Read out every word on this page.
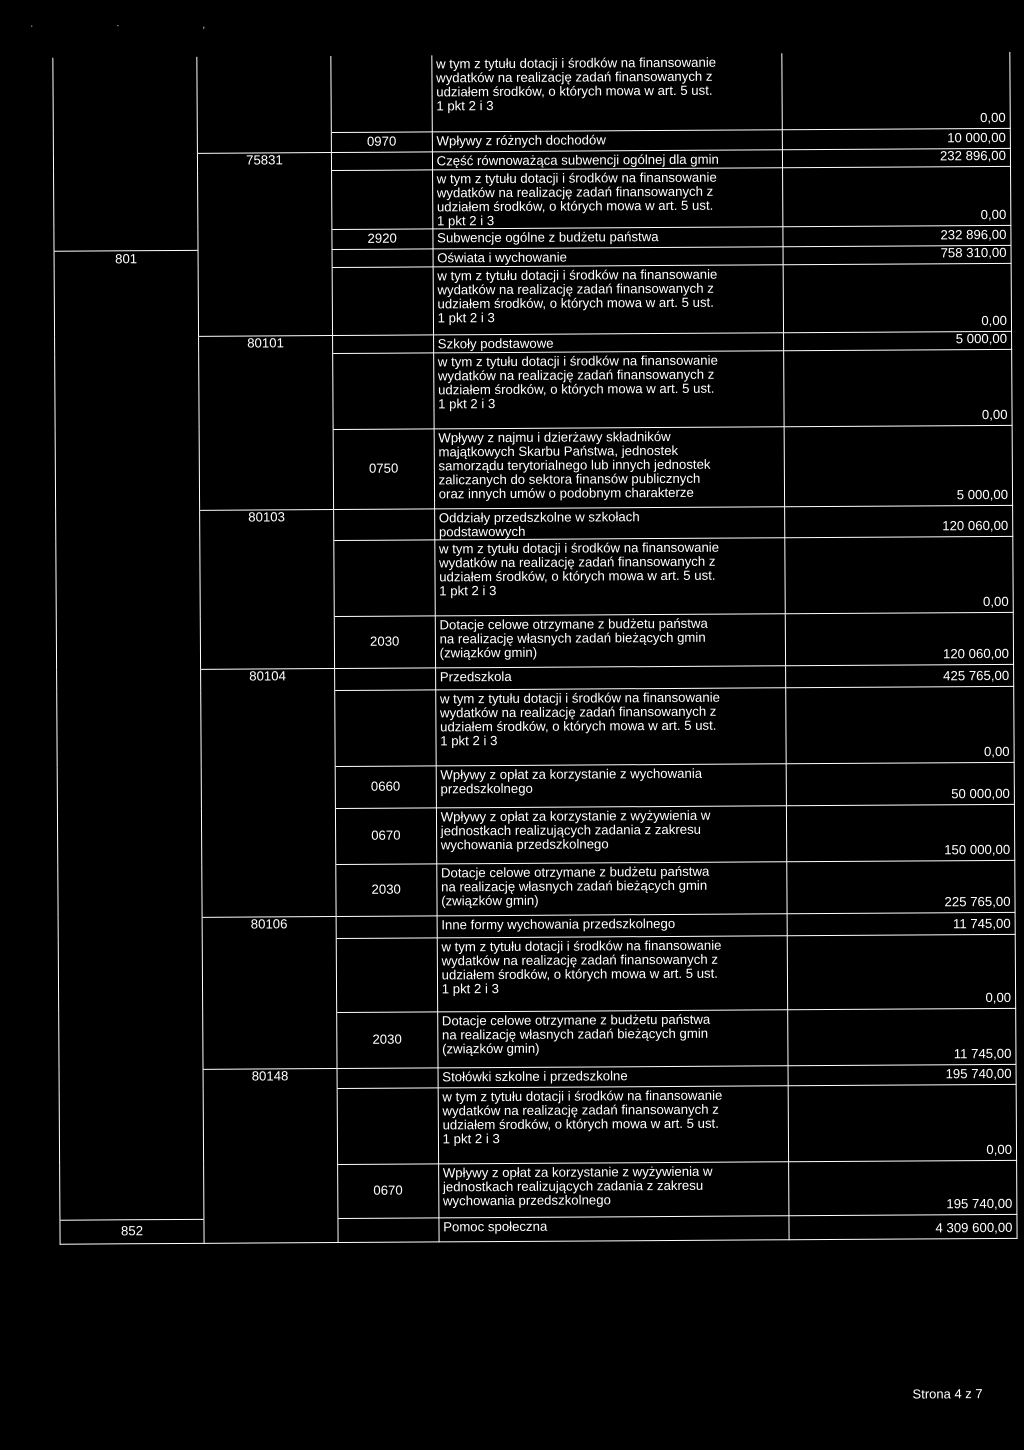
· · ,

			w tym z tytułu dotacji i środków na finansowanie
wydatków na realizację zadań finansowanych z
udziałem środków, o których mowa w art. 5 ust.
1 pkt 2 i 3	0,00

		0970	Wpływy z różnych dochodów	10 000,00

	75831		Część równoważąca subwencji ogólnej dla gmin	232 896,00

			w tym z tytułu dotacji i środków na finansowanie
wydatków na realizację zadań finansowanych z
udziałem środków, o których mowa w art. 5 ust.
1 pkt 2 i 3	0,00

		2920	Subwencje ogólne z budżetu państwa	232 896,00

801			Oświata i wychowanie	758 310,00

			w tym z tytułu dotacji i środków na finansowanie
wydatków na realizację zadań finansowanych z
udziałem środków, o których mowa w art. 5 ust.
1 pkt 2 i 3	0,00

	80101		Szkoły podstawowe	5 000,00

			w tym z tytułu dotacji i środków na finansowanie
wydatków na realizację zadań finansowanych z
udziałem środków, o których mowa w art. 5 ust.
1 pkt 2 i 3	0,00

		0750	Wpływy z najmu i dzierżawy składników
majątkowych Skarbu Państwa, jednostek
samorządu terytorialnego lub innych jednostek
zaliczanych do sektora finansów publicznych
oraz innych umów o podobnym charakterze	5 000,00

	80103		Oddziały przedszkolne w szkołach
podstawowych	120 060,00

			w tym z tytułu dotacji i środków na finansowanie
wydatków na realizację zadań finansowanych z
udziałem środków, o których mowa w art. 5 ust.
1 pkt 2 i 3	0,00

		2030	Dotacje celowe otrzymane z budżetu państwa
na realizację własnych zadań bieżących gmin
(związków gmin)	120 060,00

	80104		Przedszkola	425 765,00

			w tym z tytułu dotacji i środków na finansowanie
wydatków na realizację zadań finansowanych z
udziałem środków, o których mowa w art. 5 ust.
1 pkt 2 i 3	0,00

		0660	Wpływy z opłat za korzystanie z wychowania
przedszkolnego	50 000,00

		0670	Wpływy z opłat za korzystanie z wyżywienia w
jednostkach realizujących zadania z zakresu
wychowania przedszkolnego	150 000,00

		2030	Dotacje celowe otrzymane z budżetu państwa
na realizację własnych zadań bieżących gmin
(związków gmin)	225 765,00

	80106		Inne formy wychowania przedszkolnego	11 745,00

			w tym z tytułu dotacji i środków na finansowanie
wydatków na realizację zadań finansowanych z
udziałem środków, o których mowa w art. 5 ust.
1 pkt 2 i 3	0,00

		2030	Dotacje celowe otrzymane z budżetu państwa
na realizację własnych zadań bieżących gmin
(związków gmin)	11 745,00

	80148		Stołówki szkolne i przedszkolne	195 740,00

			w tym z tytułu dotacji i środków na finansowanie
wydatków na realizację zadań finansowanych z
udziałem środków, o których mowa w art. 5 ust.
1 pkt 2 i 3	0,00

		0670	Wpływy z opłat za korzystanie z wyżywienia w
jednostkach realizujących zadania z zakresu
wychowania przedszkolnego	195 740,00

852			Pomoc społeczna	4 309 600,00
Strona 4 z 7
